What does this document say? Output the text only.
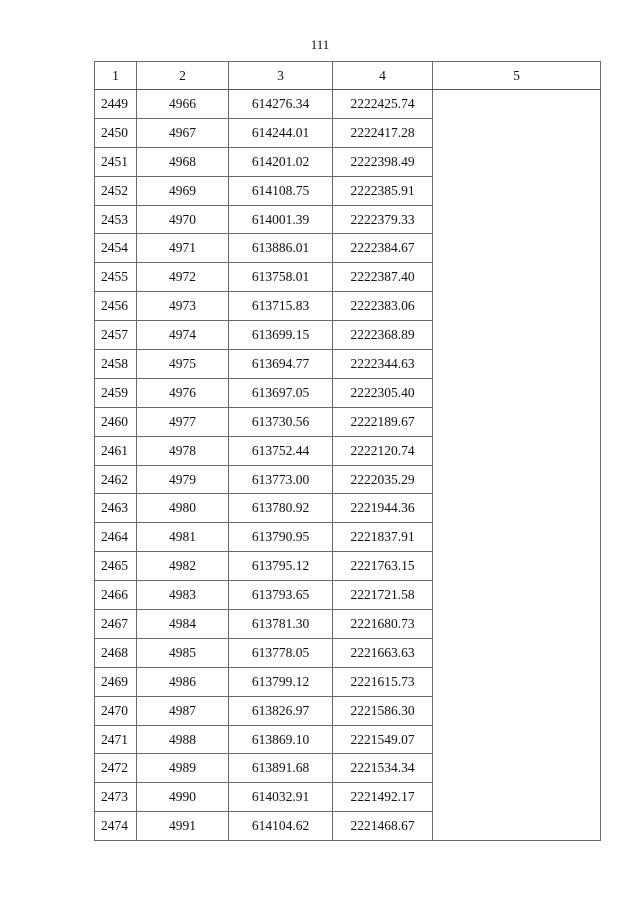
111
1	2	3	4	5
2449	4966	614276.34	2222425.74	
2450	4967	614244.01	2222417.28	
2451	4968	614201.02	2222398.49	
2452	4969	614108.75	2222385.91	
2453	4970	614001.39	2222379.33	
2454	4971	613886.01	2222384.67	
2455	4972	613758.01	2222387.40	
2456	4973	613715.83	2222383.06	
2457	4974	613699.15	2222368.89	
2458	4975	613694.77	2222344.63	
2459	4976	613697.05	2222305.40	
2460	4977	613730.56	2222189.67	
2461	4978	613752.44	2222120.74	
2462	4979	613773.00	2222035.29	
2463	4980	613780.92	2221944.36	
2464	4981	613790.95	2221837.91	
2465	4982	613795.12	2221763.15	
2466	4983	613793.65	2221721.58	
2467	4984	613781.30	2221680.73	
2468	4985	613778.05	2221663.63	
2469	4986	613799.12	2221615.73	
2470	4987	613826.97	2221586.30	
2471	4988	613869.10	2221549.07	
2472	4989	613891.68	2221534.34	
2473	4990	614032.91	2221492.17	
2474	4991	614104.62	2221468.67	
